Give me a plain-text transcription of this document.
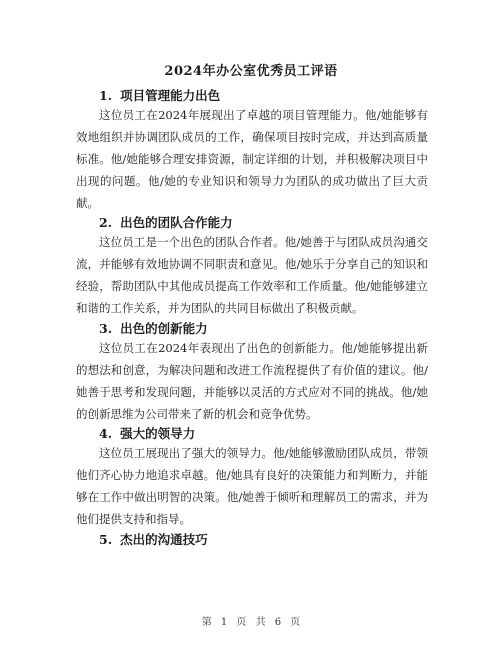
2024年办公室优秀员工评语
1. 项目管理能力出色
这位员工在2024年展现出了卓越的项目管理能力。他/她能够有效地组织并协调团队成员的工作，确保项目按时完成，并达到高质量标准。他/她能够合理安排资源，制定详细的计划，并积极解决项目中出现的问题。他/她的专业知识和领导力为团队的成功做出了巨大贡献。
2. 出色的团队合作能力
这位员工是一个出色的团队合作者。他/她善于与团队成员沟通交流，并能够有效地协调不同职责和意见。他/她乐于分享自己的知识和经验，帮助团队中其他成员提高工作效率和工作质量。他/她能够建立和谐的工作关系，并为团队的共同目标做出了积极贡献。
3. 出色的创新能力
这位员工在2024年表现出了出色的创新能力。他/她能够提出新的想法和创意，为解决问题和改进工作流程提供了有价值的建议。他/她善于思考和发现问题，并能够以灵活的方式应对不同的挑战。他/她的创新思维为公司带来了新的机会和竞争优势。
4. 强大的领导力
这位员工展现出了强大的领导力。他/她能够激励团队成员，带领他们齐心协力地追求卓越。他/她具有良好的决策能力和判断力，并能够在工作中做出明智的决策。他/她善于倾听和理解员工的需求，并为他们提供支持和指导。
5. 杰出的沟通技巧
第 1 页 共 6 页
